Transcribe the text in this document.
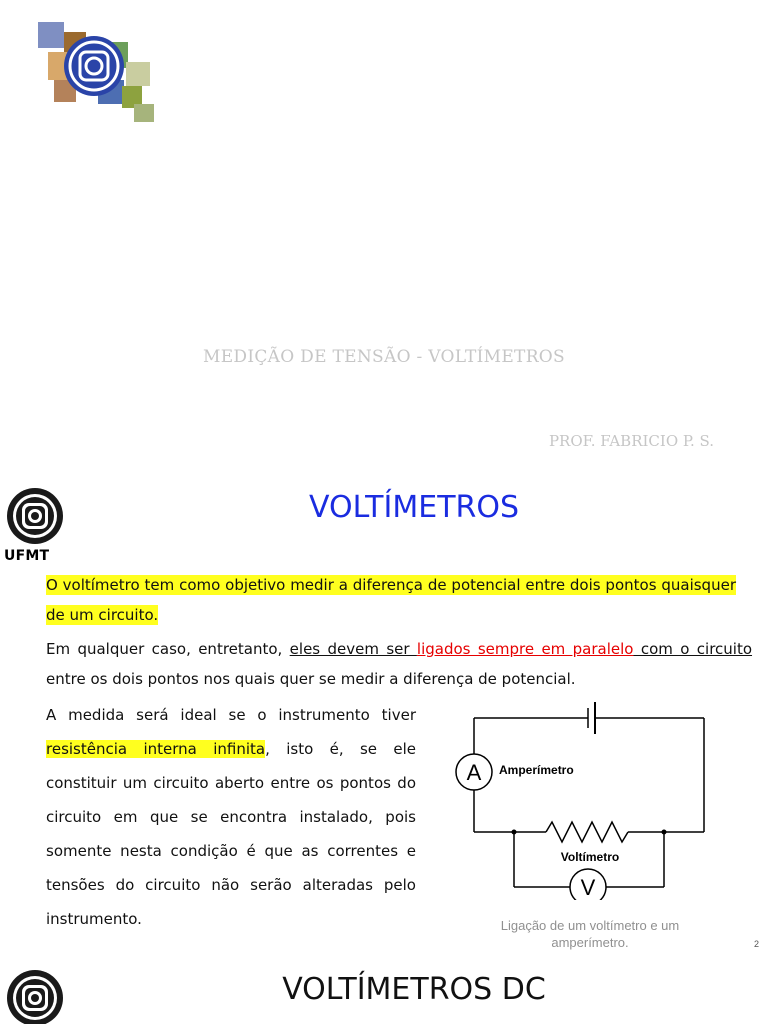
MEDIÇÃO DE TENSÃO - VOLTÍMETROS
PROF. FABRICIO P. S.
UFMT
VOLTÍMETROS
O voltímetro tem como objetivo medir a diferença de potencial entre dois pontos quaisquer de um circuito.
Em qualquer caso, entretanto, eles devem ser ligados sempre em paralelo com o circuito entre os dois pontos nos quais quer se medir a diferença de potencial.
A medida será ideal se o instrumento tiver resistência interna infinita, isto é, se ele constituir um circuito aberto entre os pontos do circuito em que se encontra instalado, pois somente nesta condição é que as correntes e tensões do circuito não serão alteradas pelo instrumento.
A Amperímetro
V
Voltímetro
Ligação de um voltímetro e um amperímetro.	2
VOLTÍMETROS DC
